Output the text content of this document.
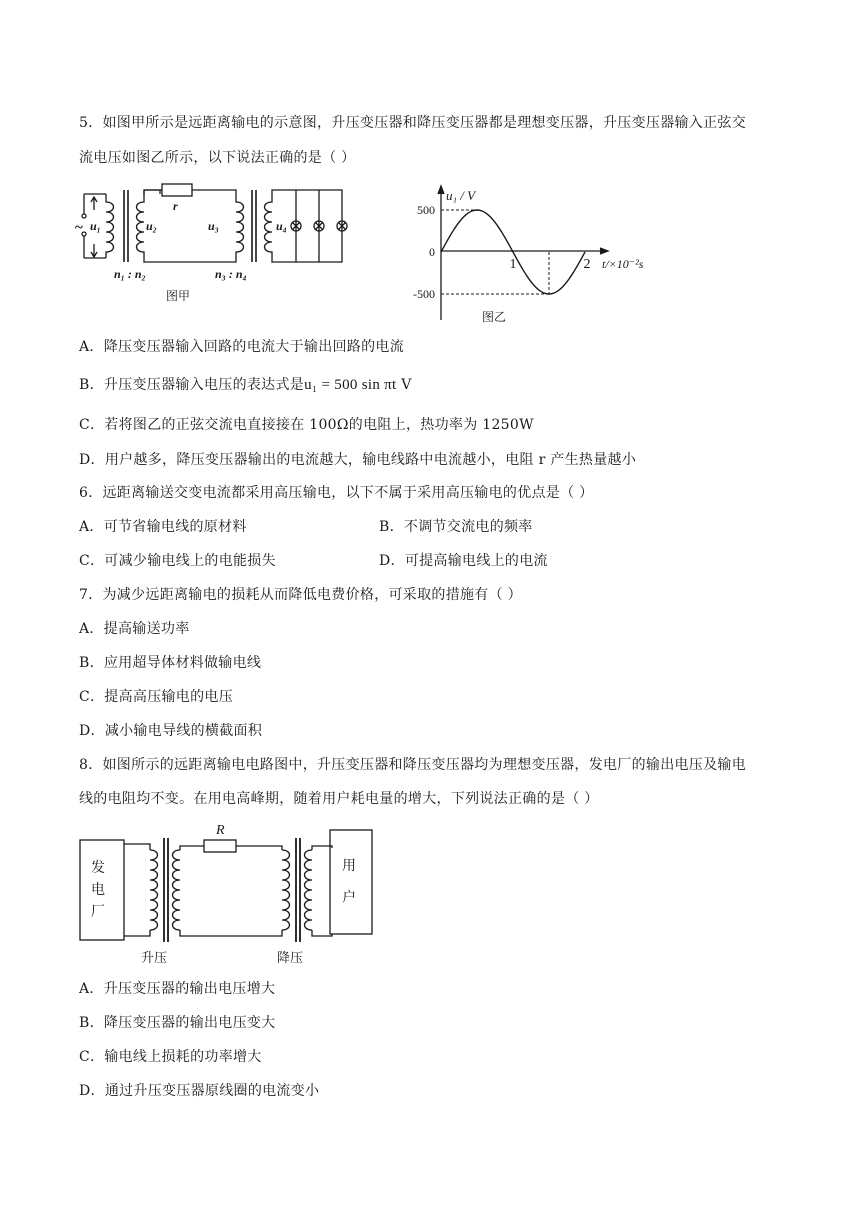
5．如图甲所示是远距离输电的示意图，升压变压器和降压变压器都是理想变压器，升压变压器输入正弦交
流电压如图乙所示，以下说法正确的是（ ）
r
~ u₁	u₂	u₃	u₄
n₁ : n₂	n₃ : n₄
图甲
500
0
-500
1	2
u₁ / V
t/×10⁻²s
图乙
A．降压变压器输入回路的电流大于输出回路的电流
B．升压变压器输入电压的表达式是u₁ = 500 sin πt V
C．若将图乙的正弦交流电直接接在 100Ω的电阻上，热功率为 1250W
D．用户越多，降压变压器输出的电流越大，输电线路中电流越小，电阻 r 产生热量越小
6．远距离输送交变电流都采用高压输电，以下不属于采用高压输电的优点是（ ）
A．可节省输电线的原材料	B．不调节交流电的频率
C．可减少输电线上的电能损失	D．可提高输电线上的电流
7．为减少远距离输电的损耗从而降低电费价格，可采取的措施有（ ）
A．提高输送功率
B．应用超导体材料做输电线
C．提高高压输电的电压
D．减小输电导线的横截面积
8．如图所示的远距离输电电路图中，升压变压器和降压变压器均为理想变压器，发电厂的输出电压及输电
线的电阻均不变。在用电高峰期，随着用户耗电量的增大，下列说法正确的是（ ）
R
发
电
厂
用
户
升压	降压
A．升压变压器的输出电压增大
B．降压变压器的输出电压变大
C．输电线上损耗的功率增大
D．通过升压变压器原线圈的电流变小
